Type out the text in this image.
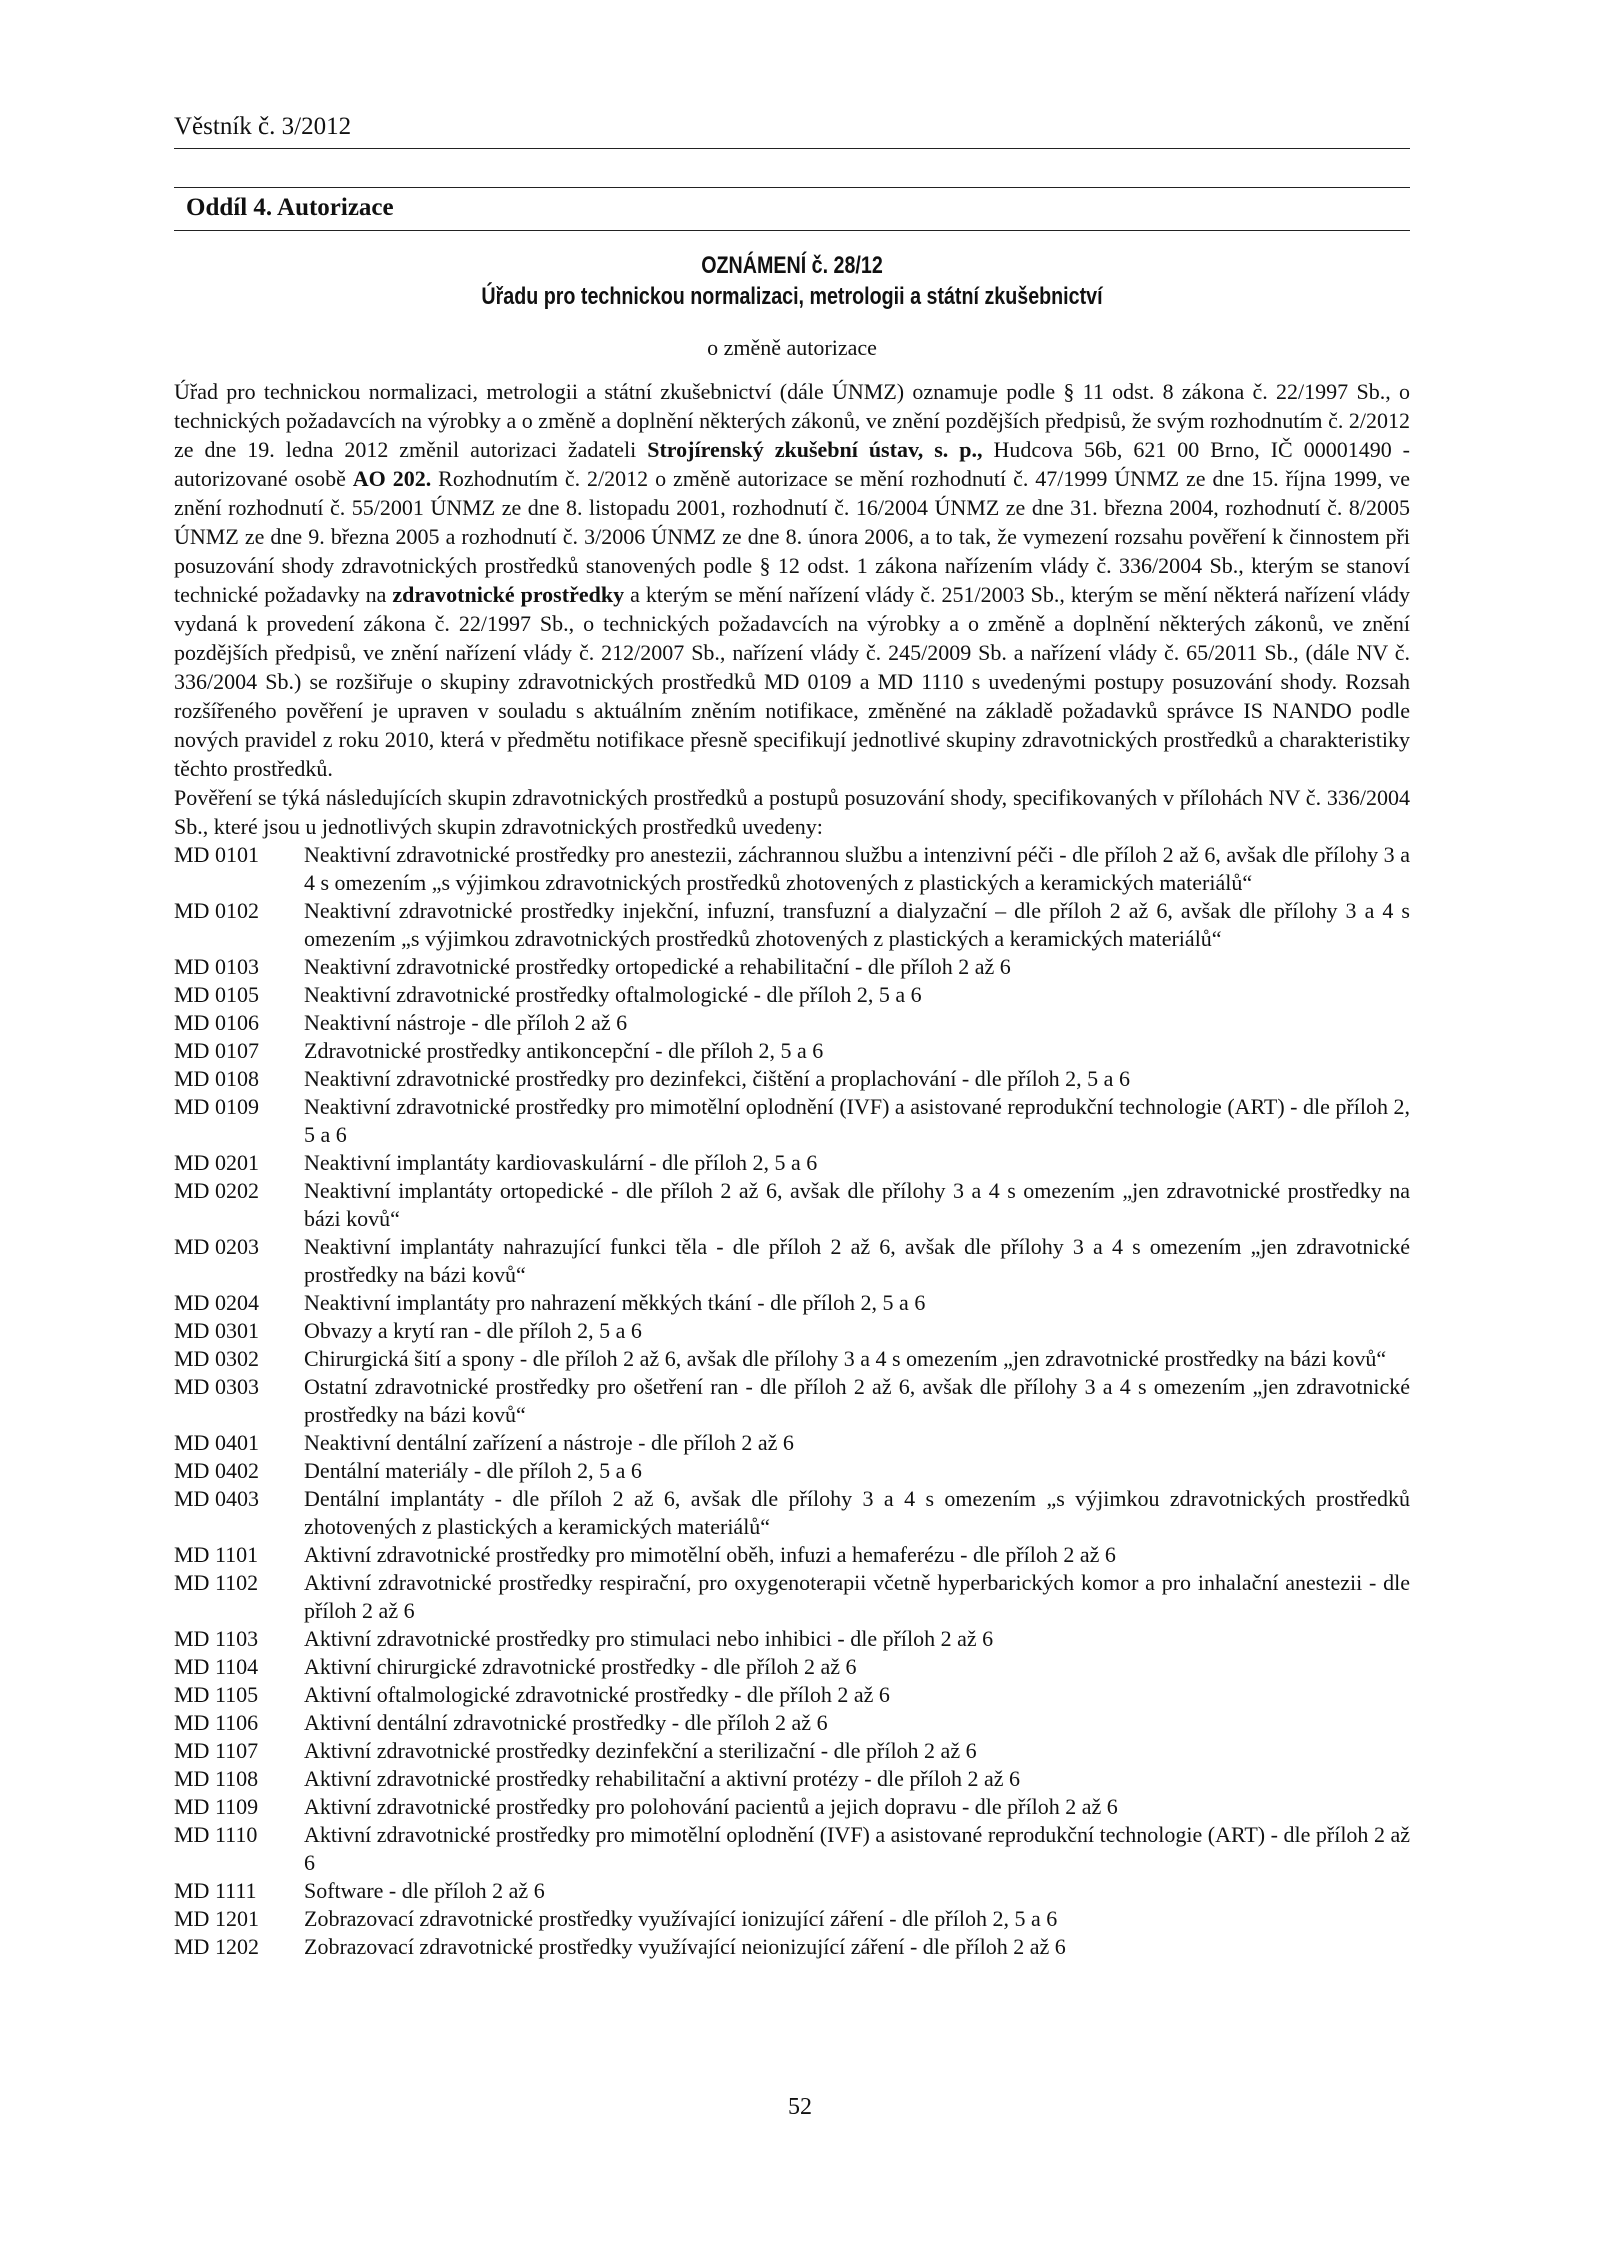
Věstník č. 3/2012
Oddíl 4. Autorizace
OZNÁMENÍ č. 28/12
Úřadu pro technickou normalizaci, metrologii a státní zkušebnictví
o změně autorizace
Úřad pro technickou normalizaci, metrologii a státní zkušebnictví (dále ÚNMZ) oznamuje podle § 11 odst. 8 zákona č. 22/1997 Sb., o technických požadavcích na výrobky a o změně a doplnění některých zákonů, ve znění pozdějších předpisů, že svým rozhodnutím č. 2/2012 ze dne 19. ledna 2012 změnil autorizaci žadateli Strojírenský zkušební ústav, s. p., Hudcova 56b, 621 00 Brno, IČ 00001490 - autorizované osobě AO 202. Rozhodnutím č. 2/2012 o změně autorizace se mění rozhodnutí č. 47/1999 ÚNMZ ze dne 15. října 1999, ve znění rozhodnutí č. 55/2001 ÚNMZ ze dne 8. listopadu 2001, rozhodnutí č. 16/2004 ÚNMZ ze dne 31. března 2004, rozhodnutí č. 8/2005 ÚNMZ ze dne 9. března 2005 a rozhodnutí č. 3/2006 ÚNMZ ze dne 8. února 2006, a to tak, že vymezení rozsahu pověření k činnostem při posuzování shody zdravotnických prostředků stanovených podle § 12 odst. 1 zákona nařízením vlády č. 336/2004 Sb., kterým se stanoví technické požadavky na zdravotnické prostředky a kterým se mění nařízení vlády č. 251/2003 Sb., kterým se mění některá nařízení vlády vydaná k provedení zákona č. 22/1997 Sb., o technických požadavcích na výrobky a o změně a doplnění některých zákonů, ve znění pozdějších předpisů, ve znění nařízení vlády č. 212/2007 Sb., nařízení vlády č. 245/2009 Sb. a nařízení vlády č. 65/2011 Sb., (dále NV č. 336/2004 Sb.) se rozšiřuje o skupiny zdravotnických prostředků MD 0109 a MD 1110 s uvedenými postupy posuzování shody. Rozsah rozšířeného pověření je upraven v souladu s aktuálním zněním notifikace, změněné na základě požadavků správce IS NANDO podle nových pravidel z roku 2010, která v předmětu notifikace přesně specifikují jednotlivé skupiny zdravotnických prostředků a charakteristiky těchto prostředků.
Pověření se týká následujících skupin zdravotnických prostředků a postupů posuzování shody, specifikovaných v přílohách NV č. 336/2004 Sb., které jsou u jednotlivých skupin zdravotnických prostředků uvedeny:
MD 0101	Neaktivní zdravotnické prostředky pro anestezii, záchrannou službu a intenzivní péči - dle příloh 2 až 6, avšak dle přílohy 3 a 4 s omezením „s výjimkou zdravotnických prostředků zhotovených z plastických a keramických materiálů“
MD 0102	Neaktivní zdravotnické prostředky injekční, infuzní, transfuzní a dialyzační – dle příloh 2 až 6, avšak dle přílohy 3 a 4 s omezením „s výjimkou zdravotnických prostředků zhotovených z plastických a keramických materiálů“
MD 0103	Neaktivní zdravotnické prostředky ortopedické a rehabilitační - dle příloh 2 až 6
MD 0105	Neaktivní zdravotnické prostředky oftalmologické - dle příloh 2, 5 a 6
MD 0106	Neaktivní nástroje - dle příloh 2 až 6
MD 0107	Zdravotnické prostředky antikoncepční - dle příloh 2, 5 a 6
MD 0108	Neaktivní zdravotnické prostředky pro dezinfekci, čištění a proplachování - dle příloh 2, 5 a 6
MD 0109	Neaktivní zdravotnické prostředky pro mimotělní oplodnění (IVF) a asistované reprodukční technologie (ART) - dle příloh 2, 5 a 6
MD 0201	Neaktivní implantáty kardiovaskulární - dle příloh 2, 5 a 6
MD 0202	Neaktivní implantáty ortopedické - dle příloh 2 až 6, avšak dle přílohy 3 a 4 s omezením „jen zdravotnické prostředky na bázi kovů“
MD 0203	Neaktivní implantáty nahrazující funkci těla - dle příloh 2 až 6, avšak dle přílohy 3 a 4 s omezením „jen zdravotnické prostředky na bázi kovů“
MD 0204	Neaktivní implantáty pro nahrazení měkkých tkání - dle příloh 2, 5 a 6
MD 0301	Obvazy a krytí ran - dle příloh 2, 5 a 6
MD 0302	Chirurgická šití a spony - dle příloh 2 až 6, avšak dle přílohy 3 a 4 s omezením „jen zdravotnické prostředky na bázi kovů“
MD 0303	Ostatní zdravotnické prostředky pro ošetření ran - dle příloh 2 až 6, avšak dle přílohy 3 a 4 s omezením „jen zdravotnické prostředky na bázi kovů“
MD 0401	Neaktivní dentální zařízení a nástroje - dle příloh 2 až 6
MD 0402	Dentální materiály - dle příloh 2, 5 a 6
MD 0403	Dentální implantáty - dle příloh 2 až 6, avšak dle přílohy 3 a 4 s omezením „s výjimkou zdravotnických prostředků zhotovených z plastických a keramických materiálů“
MD 1101	Aktivní zdravotnické prostředky pro mimotělní oběh, infuzi a hemaferézu - dle příloh 2 až 6
MD 1102	Aktivní zdravotnické prostředky respirační, pro oxygenoterapii včetně hyperbarických komor a pro inhalační anestezii - dle příloh 2 až 6
MD 1103	Aktivní zdravotnické prostředky pro stimulaci nebo inhibici - dle příloh 2 až 6
MD 1104	Aktivní chirurgické zdravotnické prostředky - dle příloh 2 až 6
MD 1105	Aktivní oftalmologické zdravotnické prostředky - dle příloh 2 až 6
MD 1106	Aktivní dentální zdravotnické prostředky - dle příloh 2 až 6
MD 1107	Aktivní zdravotnické prostředky dezinfekční a sterilizační - dle příloh 2 až 6
MD 1108	Aktivní zdravotnické prostředky rehabilitační a aktivní protézy - dle příloh 2 až 6
MD 1109	Aktivní zdravotnické prostředky pro polohování pacientů a jejich dopravu - dle příloh 2 až 6
MD 1110	Aktivní zdravotnické prostředky pro mimotělní oplodnění (IVF) a asistované reprodukční technologie (ART) - dle příloh 2 až 6
MD 1111	Software - dle příloh 2 až 6
MD 1201	Zobrazovací zdravotnické prostředky využívající ionizující záření - dle příloh 2, 5 a 6
MD 1202	Zobrazovací zdravotnické prostředky využívající neionizující záření - dle příloh 2 až 6
52
